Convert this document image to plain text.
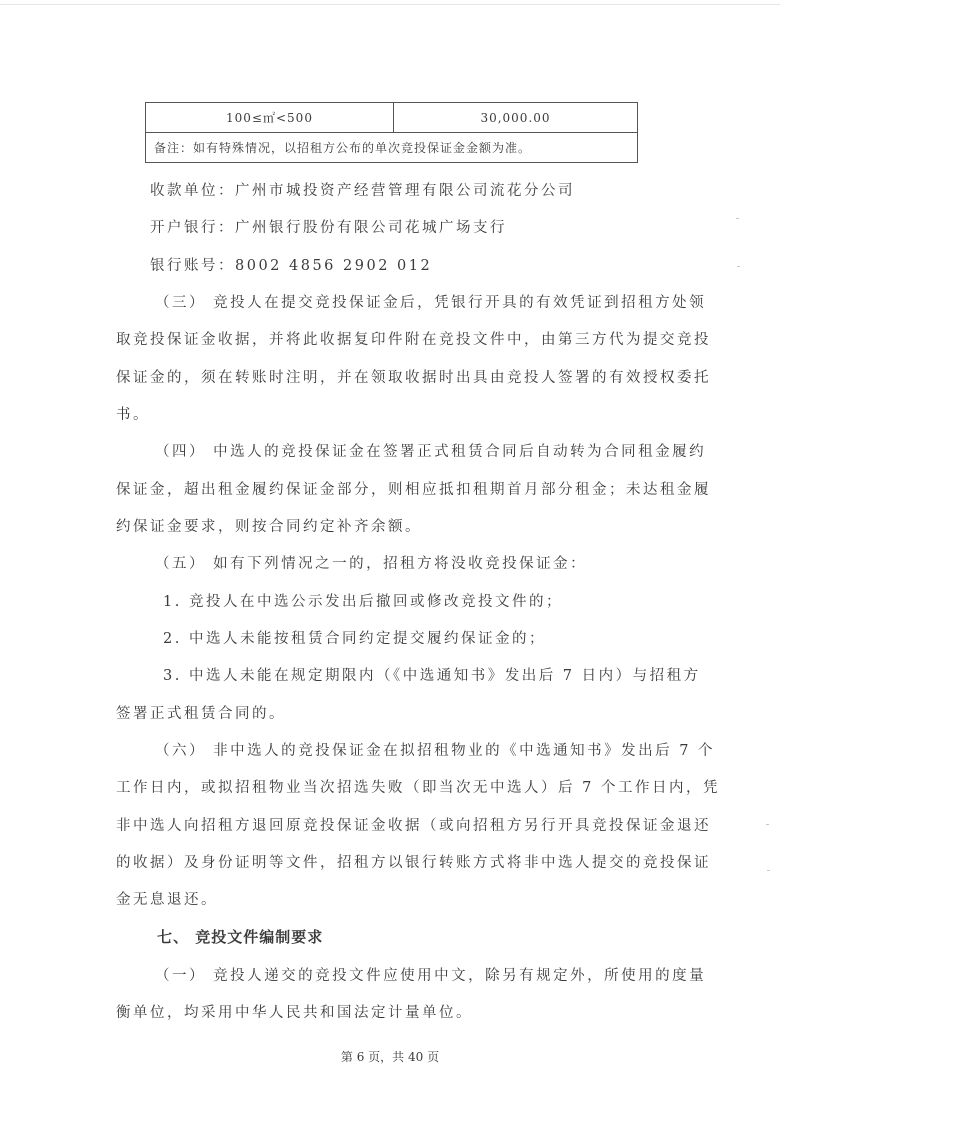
100≤㎡<500	30,000.00
备注：如有特殊情况，以招租方公布的单次竞投保证金金额为准。
收款单位：广州市城投资产经营管理有限公司流花分公司
开户银行：广州银行股份有限公司花城广场支行
银行账号：8002 4856 2902 012
（三） 竞投人在提交竞投保证金后，凭银行开具的有效凭证到招租方处领
取竞投保证金收据，并将此收据复印件附在竞投文件中，由第三方代为提交竞投
保证金的，须在转账时注明，并在领取收据时出具由竞投人签署的有效授权委托
书。
（四） 中选人的竞投保证金在签署正式租赁合同后自动转为合同租金履约
保证金，超出租金履约保证金部分，则相应抵扣租期首月部分租金；未达租金履
约保证金要求，则按合同约定补齐余额。
（五） 如有下列情况之一的，招租方将没收竞投保证金：
1. 竞投人在中选公示发出后撤回或修改竞投文件的；
2. 中选人未能按租赁合同约定提交履约保证金的；
3. 中选人未能在规定期限内（《中选通知书》发出后 7 日内）与招租方
签署正式租赁合同的。
（六） 非中选人的竞投保证金在拟招租物业的《中选通知书》发出后 7 个
工作日内，或拟招租物业当次招选失败（即当次无中选人）后 7 个工作日内，凭
非中选人向招租方退回原竞投保证金收据（或向招租方另行开具竞投保证金退还
的收据）及身份证明等文件，招租方以银行转账方式将非中选人提交的竞投保证
金无息退还。
七、 竞投文件编制要求
（一） 竞投人递交的竞投文件应使用中文，除另有规定外，所使用的度量
衡单位，均采用中华人民共和国法定计量单位。
第 6 页，共 40 页
